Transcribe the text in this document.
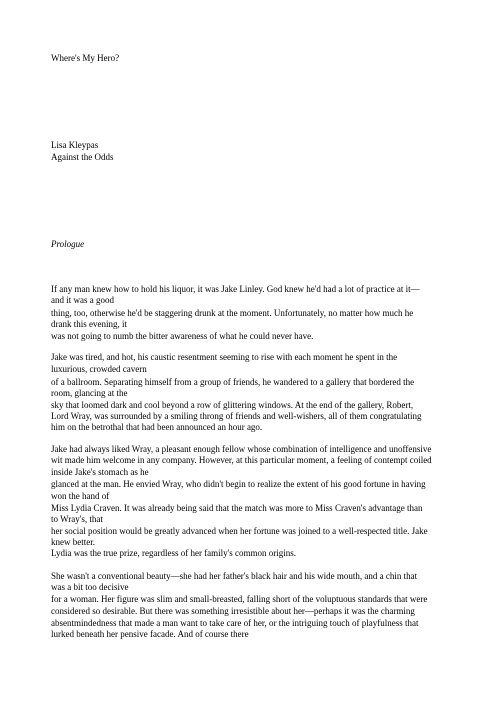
Where's My Hero?

Lisa Kleypas

Against the Odds

Prologue

If any man knew how to hold his liquor, it was Jake Linley. God knew he'd had a lot of practice at it—

and it was a good

thing, too, otherwise he'd be staggering drunk at the moment. Unfortunately, no matter how much he

drank this evening, it

was not going to numb the bitter awareness of what he could never have.

Jake was tired, and hot, his caustic resentment seeming to rise with each moment he spent in the

luxurious, crowded cavern

of a ballroom. Separating himself from a group of friends, he wandered to a gallery that bordered the

room, glancing at the

sky that loomed dark and cool beyond a row of glittering windows. At the end of the gallery, Robert,

Lord Wray, was surrounded by a smiling throng of friends and well-wishers, all of them congratulating

him on the betrothal that had been announced an hour ago.

Jake had always liked Wray, a pleasant enough fellow whose combination of intelligence and unoffensive

wit made him welcome in any company. However, at this particular moment, a feeling of contempt coiled

inside Jake's stomach as he

glanced at the man. He envied Wray, who didn't begin to realize the extent of his good fortune in having

won the hand of

Miss Lydia Craven. It was already being said that the match was more to Miss Craven's advantage than

to Wray's, that

her social position would be greatly advanced when her fortune was joined to a well-respected title. Jake

knew better.

Lydia was the true prize, regardless of her family's common origins.

She wasn't a conventional beauty—she had her father's black hair and his wide mouth, and a chin that

was a bit too decisive

for a woman. Her figure was slim and small-breasted, falling short of the voluptuous standards that were

considered so desirable. But there was something irresistible about her—perhaps it was the charming

absentmindedness that made a man want to take care of her, or the intriguing touch of playfulness that

lurked beneath her pensive facade. And of course there
